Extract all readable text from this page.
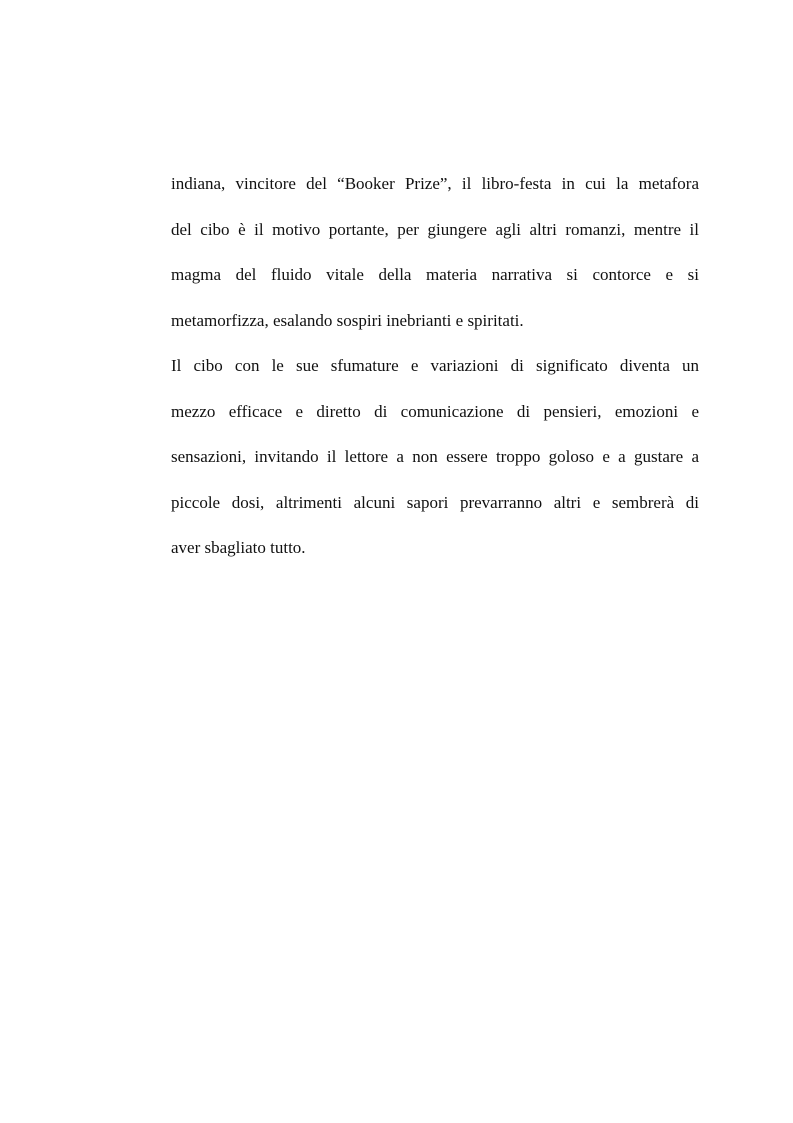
indiana, vincitore del “Booker Prize”, il libro-festa in cui la metafora
del cibo è il motivo portante, per giungere agli altri romanzi, mentre il
magma del fluido vitale della materia narrativa si contorce e si
metamorfizza, esalando sospiri inebrianti e spiritati.
Il cibo con le sue sfumature e variazioni di significato diventa un
mezzo efficace e diretto di comunicazione di pensieri, emozioni e
sensazioni, invitando il lettore a non essere troppo goloso e a gustare a
piccole dosi, altrimenti alcuni sapori prevarranno altri e sembrerà di
aver sbagliato tutto.
